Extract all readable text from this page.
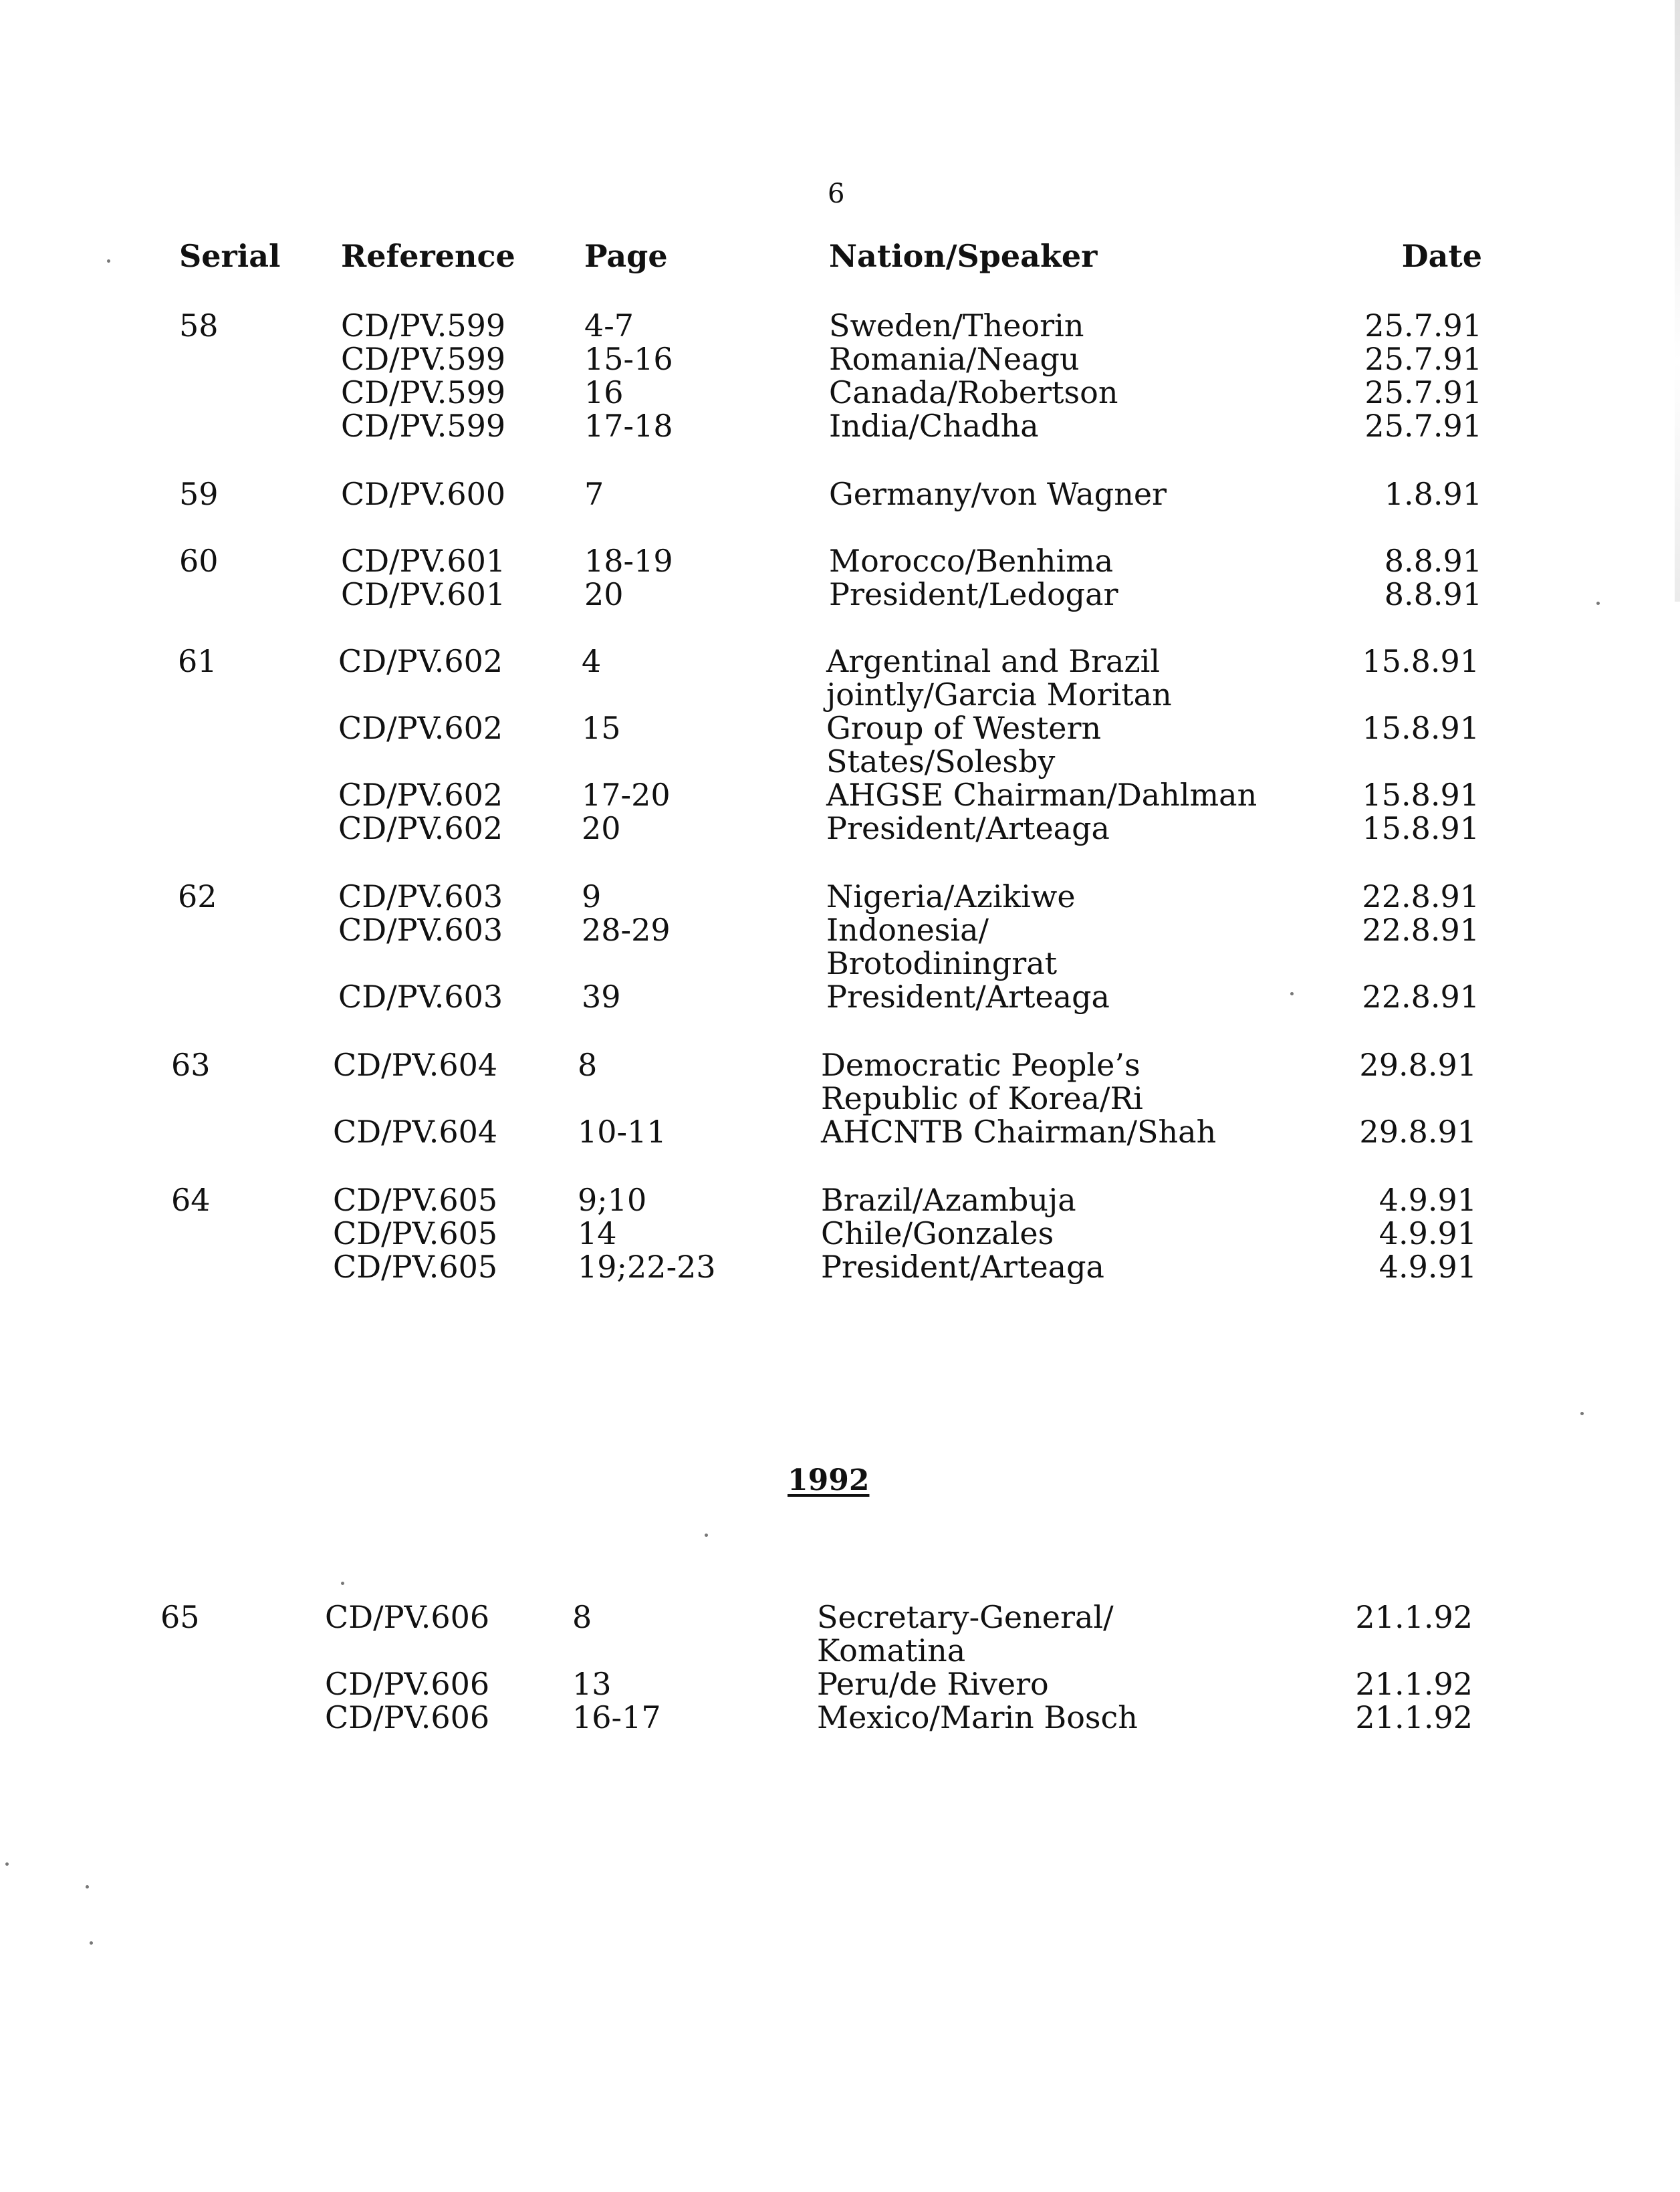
6
Serial Reference Page	Nation/Speaker	Date
58	CD/PV.599	4-7	Sweden/Theorin	25.7.91
CD/PV.599	15-16	Romania/Neagu	25.7.91
CD/PV.599	16	Canada/Robertson	25.7.91
CD/PV.599	17-18	India/Chadha	25.7.91
59	CD/PV.600	7	Germany/von Wagner	1.8.91
60	CD/PV.601	18-19	Morocco/Benhima	8.8.91
CD/PV.601	20	President/Ledogar	8.8.91
61	CD/PV.602	4	Argentinal and Brazil	15.8.91
jointly/Garcia Moritan
CD/PV.602	15	Group of Western	15.8.91
States/Solesby
CD/PV.602	17-20	AHGSE Chairman/Dahlman	15.8.91
CD/PV.602	20	President/Arteaga	15.8.91
62	CD/PV.603	9	Nigeria/Azikiwe	22.8.91
CD/PV.603	28-29	Indonesia/	22.8.91
Brotodiningrat
CD/PV.603	39	President/Arteaga	22.8.91
63	CD/PV.604	8	Democratic People’s	29.8.91
Republic of Korea/Ri
CD/PV.604	10-11	AHCNTB Chairman/Shah	29.8.91
64	CD/PV.605	9;10	Brazil/Azambuja	4.9.91
CD/PV.605	14	Chile/Gonzales	4.9.91
CD/PV.605	19;22-23	President/Arteaga	4.9.91
1992
65	CD/PV.606	8	Secretary-General/	21.1.92
Komatina
CD/PV.606	13	Peru/de Rivero	21.1.92
CD/PV.606	16-17	Mexico/Marin Bosch	21.1.92
